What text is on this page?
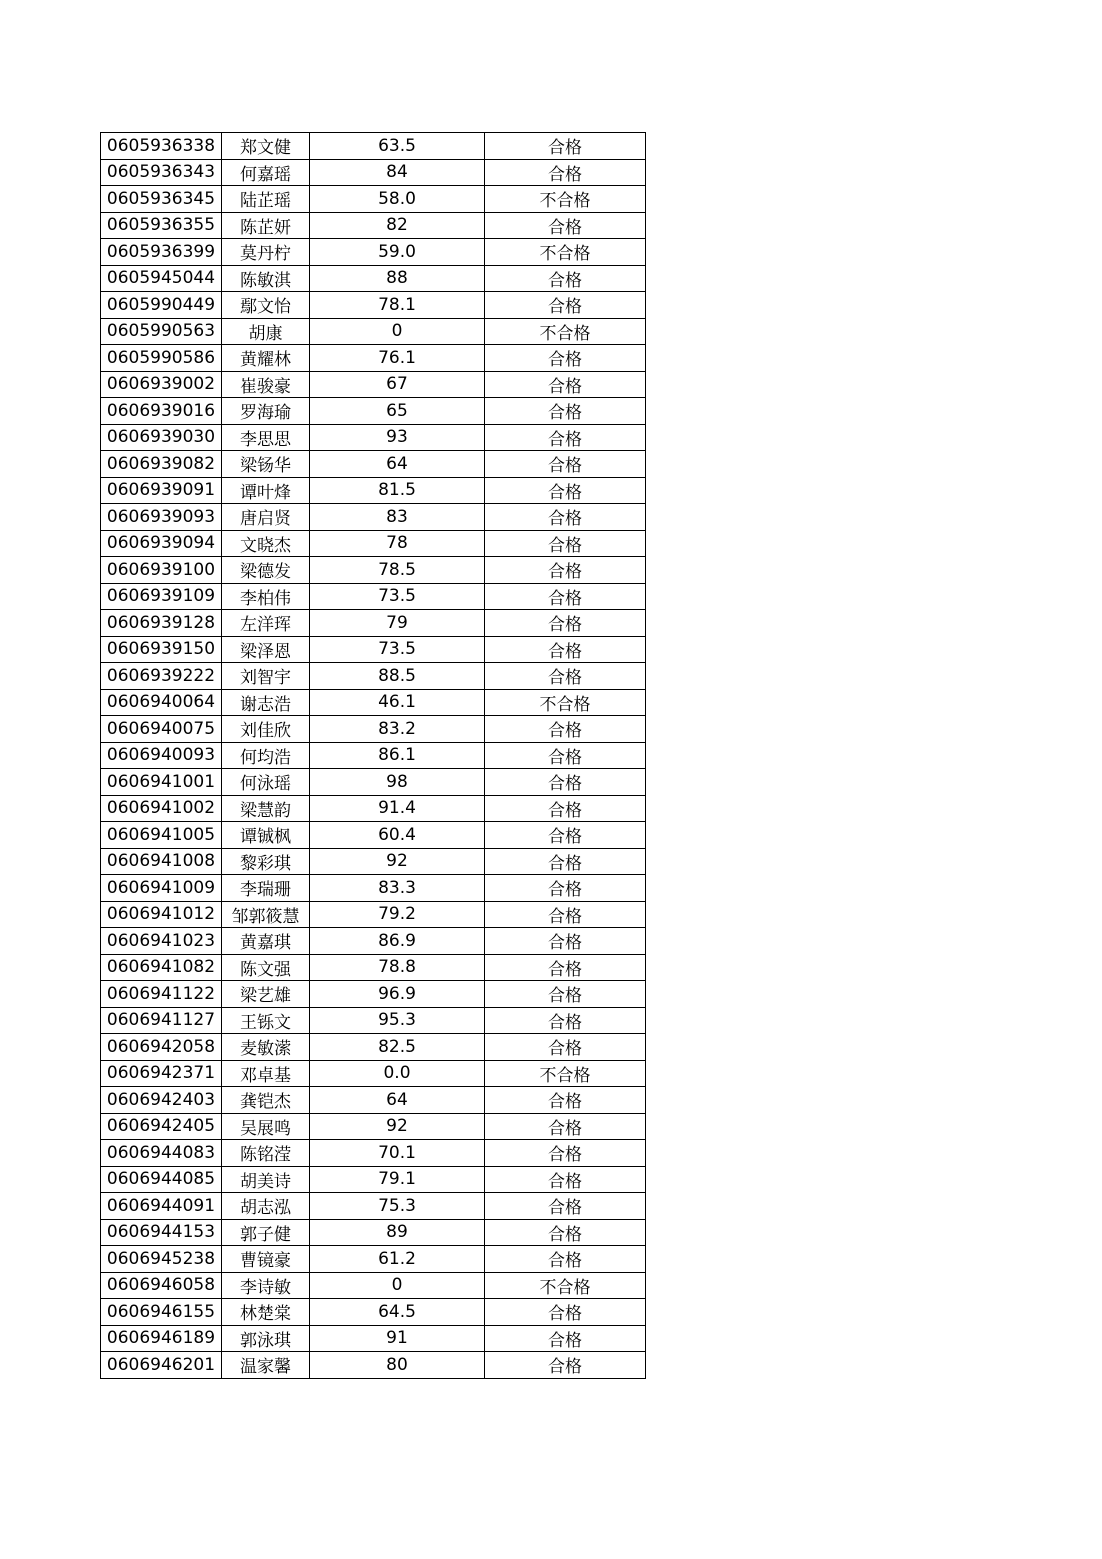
0605936338	郑文健	63.5	合格
0605936343	何嘉瑶	84	合格
0605936345	陆芷瑶	58.0	不合格
0605936355	陈芷妍	82	合格
0605936399	莫丹柠	59.0	不合格
0605945044	陈敏淇	88	合格
0605990449	鄢文怡	78.1	合格
0605990563	胡康	0	不合格
0605990586	黄耀林	76.1	合格
0606939002	崔骏豪	67	合格
0606939016	罗海瑜	65	合格
0606939030	李思思	93	合格
0606939082	梁钖华	64	合格
0606939091	谭叶烽	81.5	合格
0606939093	唐启贤	83	合格
0606939094	文晓杰	78	合格
0606939100	梁德发	78.5	合格
0606939109	李柏伟	73.5	合格
0606939128	左洋珲	79	合格
0606939150	梁泽恩	73.5	合格
0606939222	刘智宇	88.5	合格
0606940064	谢志浩	46.1	不合格
0606940075	刘佳欣	83.2	合格
0606940093	何均浩	86.1	合格
0606941001	何泳瑶	98	合格
0606941002	梁慧韵	91.4	合格
0606941005	谭铖枫	60.4	合格
0606941008	黎彩琪	92	合格
0606941009	李瑞珊	83.3	合格
0606941012	邹郭筱慧	79.2	合格
0606941023	黄嘉琪	86.9	合格
0606941082	陈文强	78.8	合格
0606941122	梁艺雄	96.9	合格
0606941127	王铄文	95.3	合格
0606942058	麦敏潆	82.5	合格
0606942371	邓卓基	0.0	不合格
0606942403	龚铠杰	64	合格
0606942405	吴展鸣	92	合格
0606944083	陈铭滢	70.1	合格
0606944085	胡美诗	79.1	合格
0606944091	胡志泓	75.3	合格
0606944153	郭子健	89	合格
0606945238	曹镜豪	61.2	合格
0606946058	李诗敏	0	不合格
0606946155	林楚棠	64.5	合格
0606946189	郭泳琪	91	合格
0606946201	温家馨	80	合格
